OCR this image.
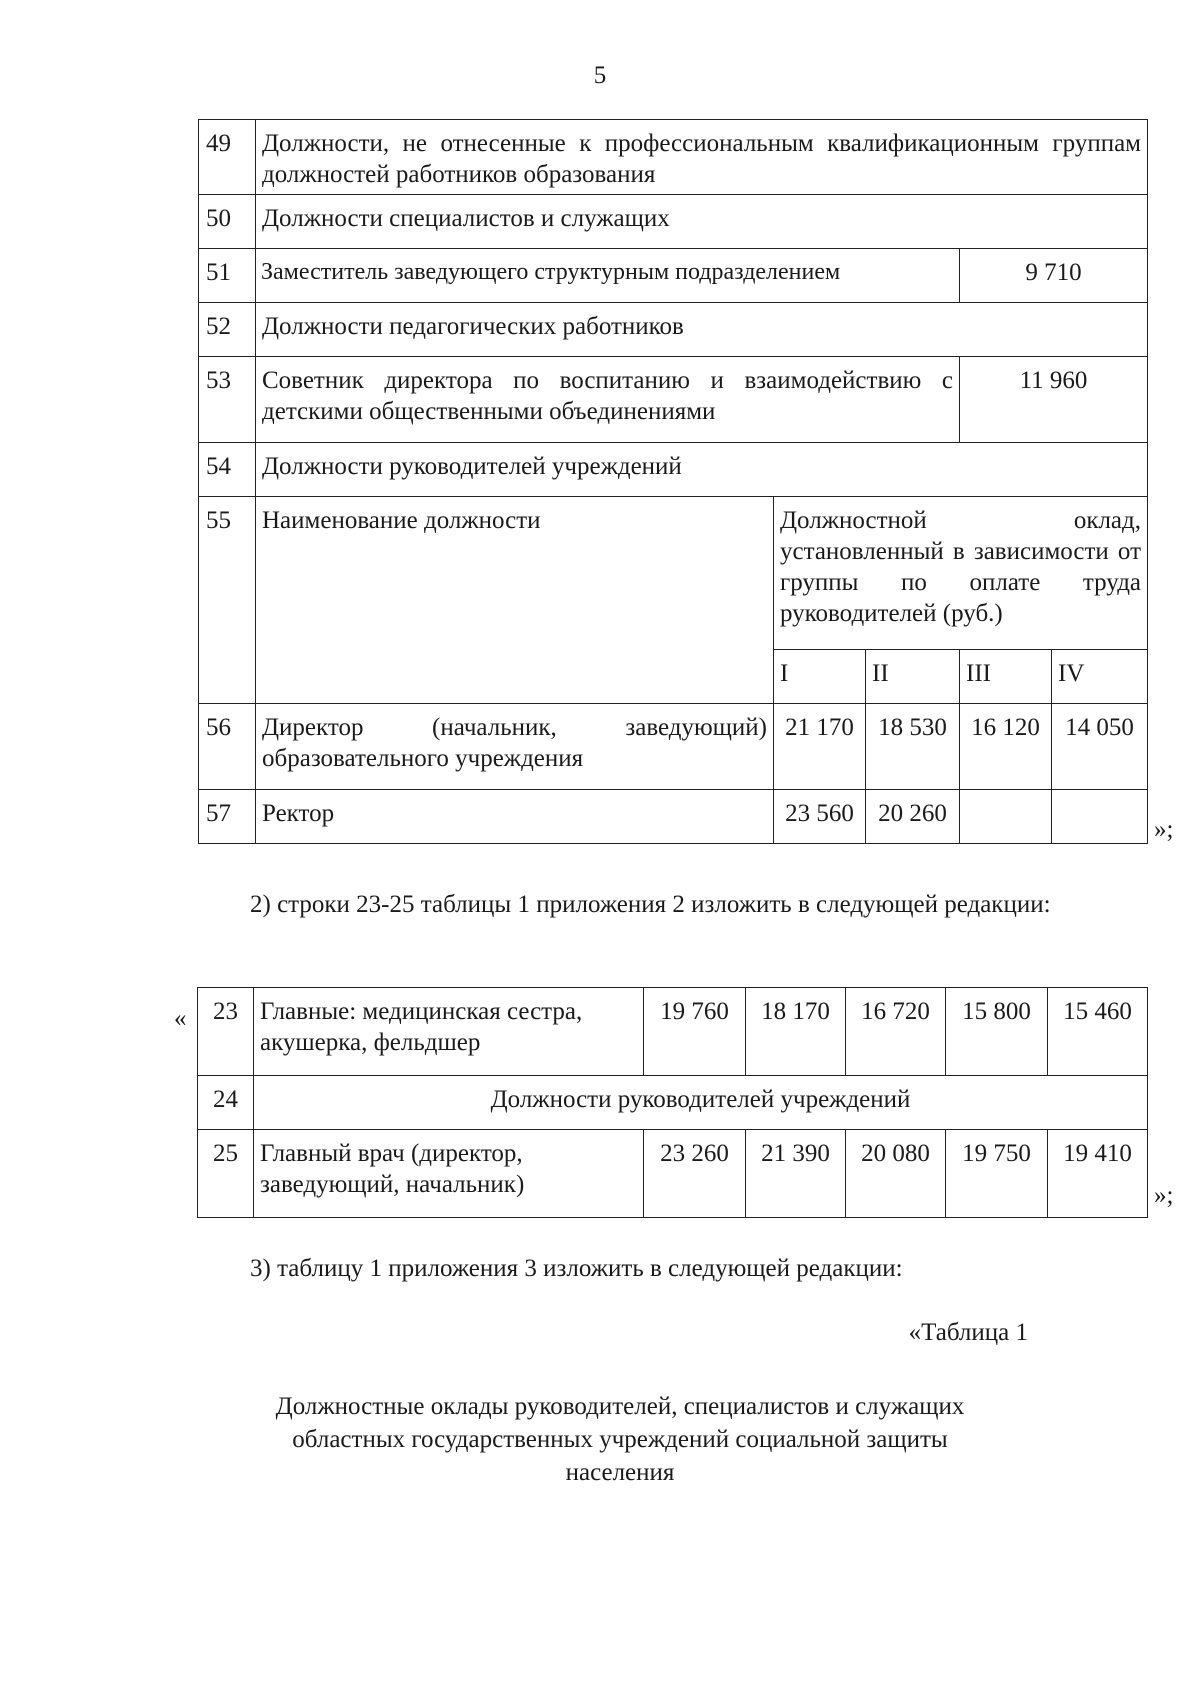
5
49	Должности, не отнесенные к профессиональным квалификационным группам должностей работников образования				
50	Должности специалистов и служащих				
51	Заместитель заведующего структурным подразделением			9 710	
52	Должности педагогических работников				
53	Советник директора по воспитанию и взаимодействию с детскими общественными объединениями			11 960	
54	Должности руководителей учреждений				
55	Наименование должности	Должностной оклад, установленный в зависимости от группы по оплате труда руководителей (руб.)			
		I	II	III	IV
56	Директор (начальник, заведующий) образовательного учреждения	21 170	18 530	16 120	14 050
57	Ректор	23 560	20 260		
»;
2) строки 23-25 таблицы 1 приложения 2 изложить в следующей редакции:
« 23	Главные: медицинская сестра, акушерка, фельдшер	19 760	18 170	16 720	15 800	15 460
24	Должности руководителей учреждений					
25	Главный врач (директор, заведующий, начальник)	23 260	21 390	20 080	19 750	19 410
»;
3) таблицу 1 приложения 3 изложить в следующей редакции:
«Таблица 1
Должностные оклады руководителей, специалистов и служащих
областных государственных учреждений социальной защиты
населения
